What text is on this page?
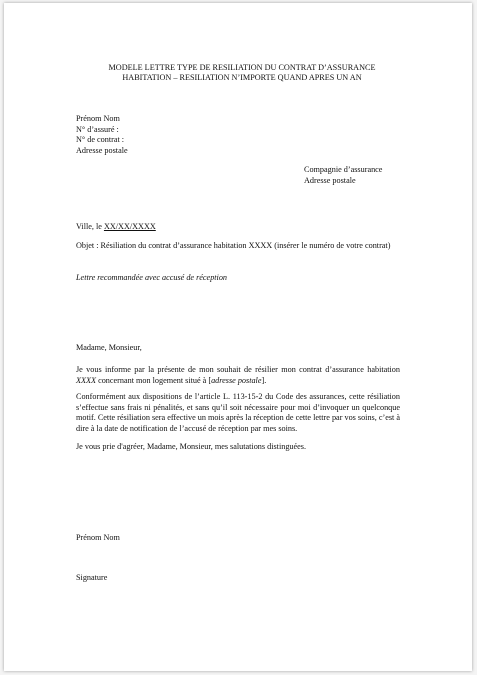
MODELE LETTRE TYPE DE RESILIATION DU CONTRAT D’ASSURANCE
HABITATION – RESILIATION N’IMPORTE QUAND APRES UN AN
Prénom Nom
N° d’assuré :
N° de contrat :
Adresse postale
Compagnie d’assurance
Adresse postale
Ville, le XX/XX/XXXX
Objet : Résiliation du contrat d’assurance habitation XXXX (insérer le numéro de votre contrat)
Lettre recommandée avec accusé de réception
Madame, Monsieur,
Je vous informe par la présente de mon souhait de résilier mon contrat d’assurance habitation XXXX concernant mon logement situé à [adresse postale].
Conformément aux dispositions de l’article L. 113-15-2 du Code des assurances, cette résiliation s’effectue sans frais ni pénalités, et sans qu’il soit nécessaire pour moi d’invoquer un quelconque motif. Cette résiliation sera effective un mois après la réception de cette lettre par vos soins, c’est à dire à la date de notification de l’accusé de réception par mes soins.
Je vous prie d'agréer, Madame, Monsieur, mes salutations distinguées.
Prénom Nom
Signature
